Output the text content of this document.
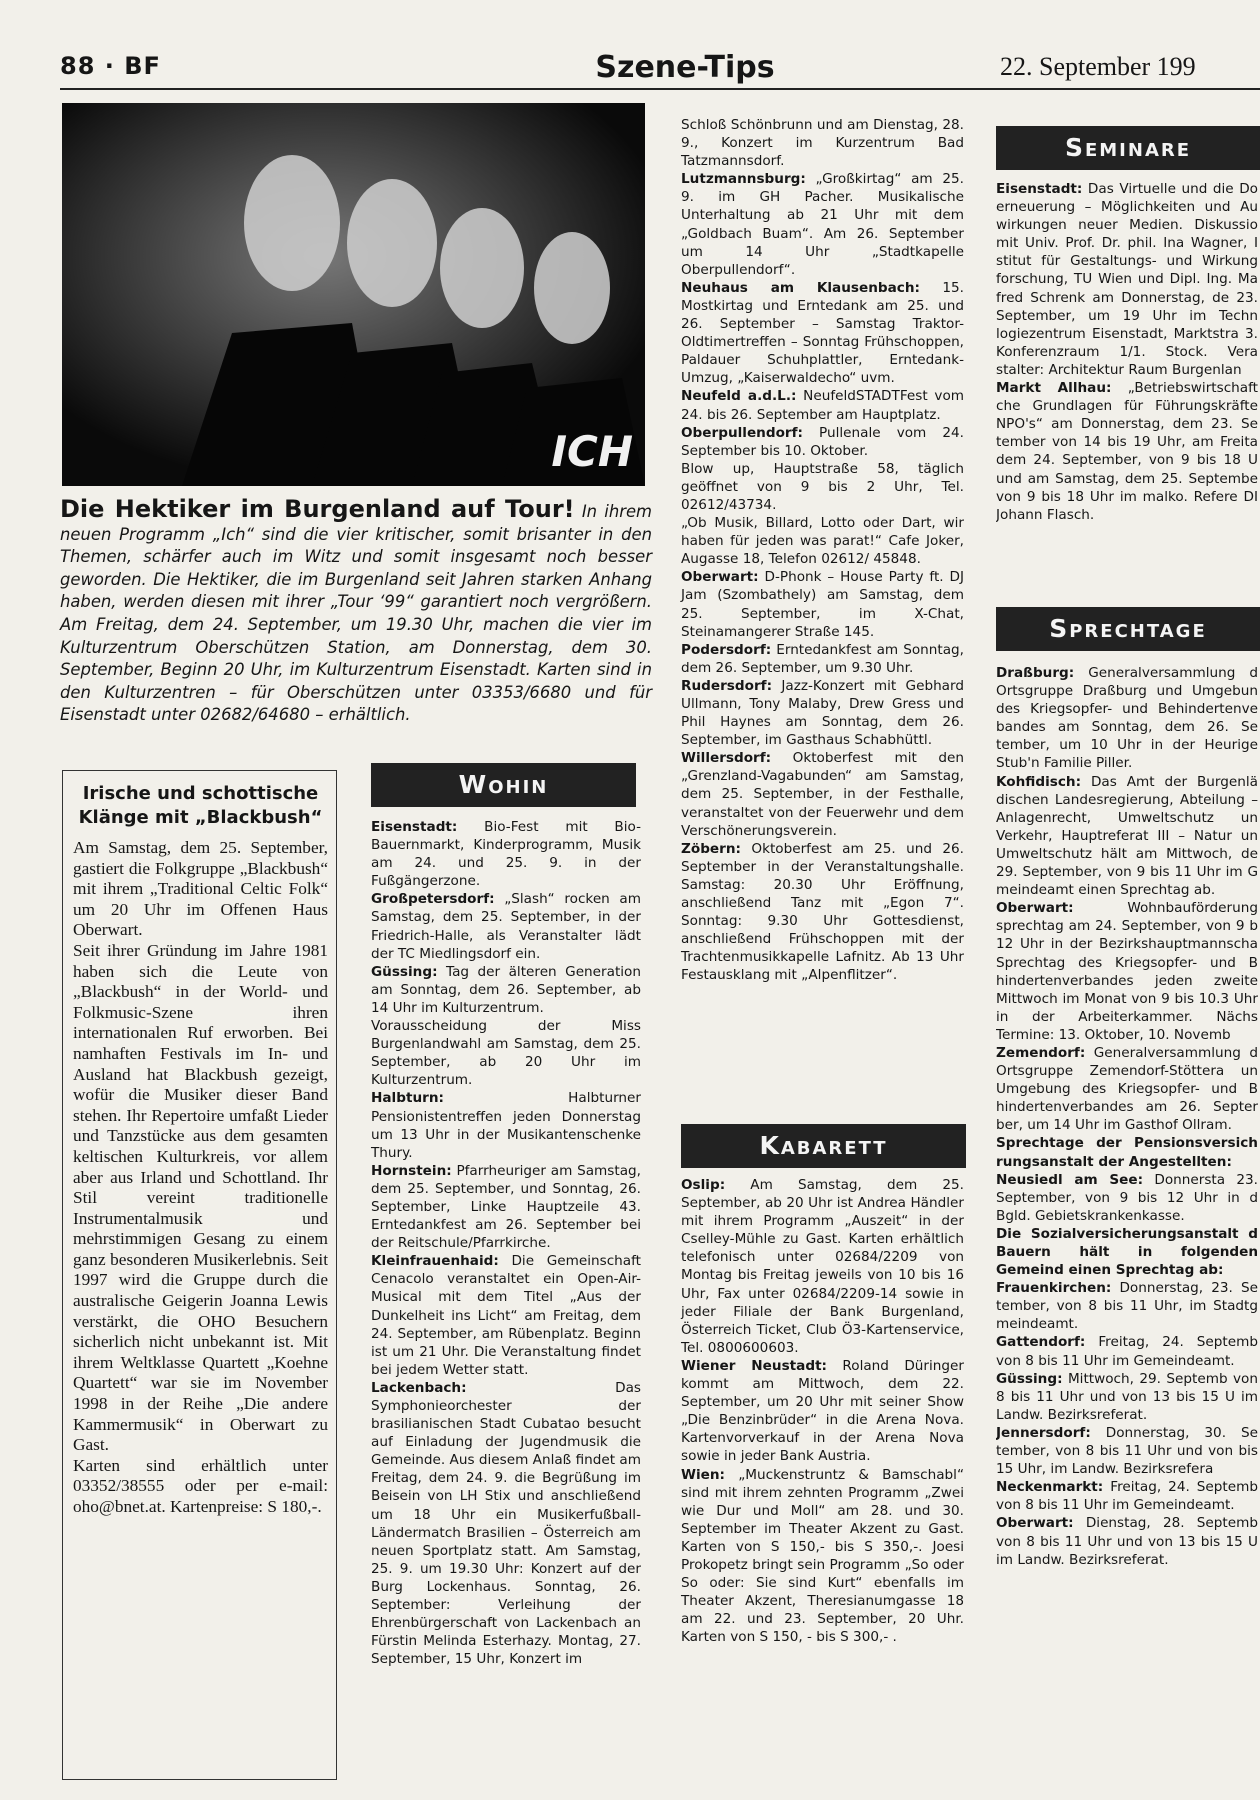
88 · BF	Szene-Tips	22. September 199
ICH
Die Hektiker im Burgenland auf Tour! In ihrem neuen Programm „Ich“ sind die vier kritischer, somit brisanter in den Themen, schärfer auch im Witz und somit insgesamt noch besser geworden. Die Hektiker, die im Burgenland seit Jahren starken Anhang haben, werden diesen mit ihrer „Tour ‘99“ garantiert noch vergrößern. Am Freitag, dem 24. September, um 19.30 Uhr, machen die vier im Kulturzentrum Oberschützen Station, am Donnerstag, dem 30. September, Beginn 20 Uhr, im Kulturzentrum Eisenstadt. Karten sind in den Kulturzentren – für Oberschützen unter 03353/6680 und für Eisenstadt unter 02682/64680 – erhältlich.
Irische und schottische Klänge mit „Blackbush“

Am Samstag, dem 25. September, gastiert die Folkgruppe „Blackbush“ mit ihrem „Traditional Celtic Folk“ um 20 Uhr im Offenen Haus Oberwart.

Seit ihrer Gründung im Jahre 1981 haben sich die Leute von „Blackbush“ in der World- und Folkmusic-Szene ihren internationalen Ruf erworben. Bei namhaften Festivals im In- und Ausland hat Blackbush gezeigt, wofür die Musiker dieser Band stehen. Ihr Repertoire umfaßt Lieder und Tanzstücke aus dem gesamten keltischen Kulturkreis, vor allem aber aus Irland und Schottland. Ihr Stil vereint traditionelle Instrumentalmusik und mehrstimmigen Gesang zu einem ganz besonderen Musikerlebnis. Seit 1997 wird die Gruppe durch die australische Geigerin Joanna Lewis verstärkt, die OHO Besuchern sicherlich nicht unbekannt ist. Mit ihrem Weltklasse Quartett „Koehne Quartett“ war sie im November 1998 in der Reihe „Die andere Kammermusik“ in Oberwart zu Gast.

Karten sind erhältlich unter 03352/38555 oder per e-mail: oho@bnet.at. Kartenpreise: S 180,-.

Wohin

Eisenstadt: Bio-Fest mit Bio-Bauernmarkt, Kinderprogramm, Musik am 24. und 25. 9. in der Fußgängerzone.

Großpetersdorf: „Slash“ rocken am Samstag, dem 25. September, in der Friedrich-Halle, als Veranstalter lädt der TC Miedlingsdorf ein.

Güssing: Tag der älteren Generation am Sonntag, dem 26. September, ab 14 Uhr im Kulturzentrum.

Vorausscheidung der Miss Burgenlandwahl am Samstag, dem 25. September, ab 20 Uhr im Kulturzentrum.

Halbturn:	Halbturner Pensionistentreffen jeden Donnerstag um 13 Uhr in der Musikantenschenke Thury.

Hornstein: Pfarrheuriger am Samstag, dem 25. September, und Sonntag, 26. September, Linke Hauptzeile 43. Erntedankfest am 26. September bei der Reitschule/Pfarrkirche.

Kleinfrauenhaid: Die Gemeinschaft Cenacolo veranstaltet ein Open-Air-Musical mit dem Titel „Aus der Dunkelheit ins Licht“ am Freitag, dem 24. September, am Rübenplatz. Beginn ist um 21 Uhr. Die Veranstaltung findet bei jedem Wetter statt.

Lackenbach:	Das Symphonieorchester der brasilianischen Stadt Cubatao besucht auf Einladung der Jugendmusik die Gemeinde. Aus diesem Anlaß findet am Freitag, dem 24. 9. die Begrüßung im Beisein von LH Stix und anschließend um 18 Uhr ein Musikerfußball-Ländermatch Brasilien – Österreich am neuen Sportplatz statt. Am Samstag, 25. 9. um 19.30 Uhr: Konzert auf der Burg Lockenhaus. Sonntag, 26. September: Verleihung der Ehrenbürgerschaft von Lackenbach an Fürstin Melinda Esterhazy. Montag, 27. September, 15 Uhr, Konzert im

Schloß Schönbrunn und am Dienstag, 28. 9., Konzert im Kurzentrum Bad Tatzmannsdorf.

Lutzmannsburg: „Großkirtag“ am 25. 9. im GH Pacher. Musikalische Unterhaltung ab 21 Uhr mit dem „Goldbach Buam“. Am 26. September um 14 Uhr „Stadtkapelle Oberpullendorf“.

Neuhaus am Klausenbach: 15. Mostkirtag und Erntedank am 25. und 26. September – Samstag Traktor-Oldtimertreffen – Sonntag Frühschoppen, Paldauer Schuhplattler, Erntedank-Umzug, „Kaiserwaldecho“ uvm.

Neufeld a.d.L.: NeufeldSTADTFest vom 24. bis 26. September am Hauptplatz.

Oberpullendorf: Pullenale vom 24. September bis 10. Oktober.

Blow up, Hauptstraße 58, täglich geöffnet von 9 bis 2 Uhr, Tel. 02612/43734.

„Ob Musik, Billard, Lotto oder Dart, wir haben für jeden was parat!“ Cafe Joker, Augasse 18, Telefon 02612/ 45848.

Oberwart: D-Phonk – House Party ft. DJ Jam (Szombathely) am Samstag, dem 25. September, im X-Chat, Steinamangerer Straße 145.

Podersdorf: Erntedankfest am Sonntag, dem 26. September, um 9.30 Uhr.

Rudersdorf: Jazz-Konzert mit Gebhard Ullmann, Tony Malaby, Drew Gress und Phil Haynes am Sonntag, dem 26. September, im Gasthaus Schabhüttl.

Willersdorf: Oktoberfest mit den „Grenzland-Vagabunden“ am Samstag, dem 25. September, in der Festhalle, veranstaltet von der Feuerwehr und dem Verschönerungsverein.

Zöbern: Oktoberfest am 25. und 26. September in der Veranstaltungshalle. Samstag: 20.30 Uhr Eröffnung, anschließend Tanz mit „Egon 7“. Sonntag: 9.30 Uhr Gottesdienst, anschließend Frühschoppen mit der Trachtenmusikkapelle Lafnitz. Ab 13 Uhr Festausklang mit „Alpenflitzer“.

Kabarett

Oslip: Am Samstag, dem 25. September, ab 20 Uhr ist Andrea Händler mit ihrem Programm „Auszeit“ in der Cselley-Mühle zu Gast. Karten erhältlich telefonisch unter 02684/2209 von Montag bis Freitag jeweils von 10 bis 16 Uhr, Fax unter 02684/2209-14 sowie in jeder Filiale der Bank Burgenland, Österreich Ticket, Club Ö3-Kartenservice, Tel. 0800600603.

Wiener Neustadt: Roland Düringer kommt am Mittwoch, dem 22. September, um 20 Uhr mit seiner Show „Die Benzinbrüder“ in die Arena Nova. Kartenvorverkauf in der Arena Nova sowie in jeder Bank Austria.

Wien: „Muckenstruntz & Bamschabl“ sind mit ihrem zehnten Programm „Zwei wie Dur und Moll“ am 28. und 30. September im Theater Akzent zu Gast. Karten von S 150,- bis S 350,-. Joesi Prokopetz bringt sein Programm „So oder So oder: Sie sind Kurt“ ebenfalls im Theater Akzent, Theresianumgasse 18 am 22. und 23. September, 20 Uhr. Karten von S 150, - bis S 300,- .

Seminare

Eisenstadt: Das Virtuelle und die Do erneuerung – Möglichkeiten und Au wirkungen neuer Medien. Diskussio mit Univ. Prof. Dr. phil. Ina Wagner, I stitut für Gestaltungs- und Wirkung forschung, TU Wien und Dipl. Ing. Ma fred Schrenk am Donnerstag, de 23. September, um 19 Uhr im Techn logiezentrum Eisenstadt, Marktstra 3. Konferenzraum 1/1. Stock. Vera stalter: Architektur Raum Burgenlan

Markt Allhau: „Betriebswirtschaft che Grundlagen für Führungskräfte NPO's“ am Donnerstag, dem 23. Se tember von 14 bis 19 Uhr, am Freita dem 24. September, von 9 bis 18 U und am Samstag, dem 25. Septembe von 9 bis 18 Uhr im malko. Refere DI Johann Flasch.

Sprechtage

Draßburg: Generalversammlung d Ortsgruppe Draßburg und Umgebun des Kriegsopfer- und Behindertenve bandes am Sonntag, dem 26. Se tember, um 10 Uhr in der Heurige Stub'n Familie Piller.

Kohfidisch: Das Amt der Burgenlä dischen Landesregierung, Abteilung – Anlagenrecht, Umweltschutz un Verkehr, Hauptreferat III – Natur un Umweltschutz hält am Mittwoch, de 29. September, von 9 bis 11 Uhr im G meindeamt einen Sprechtag ab.

Oberwart:	Wohnbauförderung sprechtag am 24. September, von 9 b 12 Uhr in der Bezirkshauptmannscha Sprechtag des Kriegsopfer- und B hindertenverbandes jeden zweite Mittwoch im Monat von 9 bis 10.3 Uhr in der Arbeiterkammer. Nächs Termine: 13. Oktober, 10. Novemb

Zemendorf: Generalversammlung d Ortsgruppe Zemendorf-Stöttera un Umgebung des Kriegsopfer- und B hindertenverbandes am 26. Septer ber, um 14 Uhr im Gasthof Ollram.

Sprechtage der Pensionsversich rungsanstalt der Angestellten:

Neusiedl am See: Donnersta 23. September, von 9 bis 12 Uhr in d Bgld. Gebietskrankenkasse.

Die Sozialversicherungsanstalt d Bauern hält in folgenden Gemeind einen Sprechtag ab:

Frauenkirchen: Donnerstag, 23. Se tember, von 8 bis 11 Uhr, im Stadtg meindeamt.

Gattendorf: Freitag, 24. Septemb von 8 bis 11 Uhr im Gemeindeamt.

Güssing: Mittwoch, 29. Septemb von 8 bis 11 Uhr und von 13 bis 15 U im Landw. Bezirksreferat.

Jennersdorf: Donnerstag, 30. Se tember, von 8 bis 11 Uhr und von bis 15 Uhr, im Landw. Bezirksrefera

Neckenmarkt: Freitag, 24. Septemb von 8 bis 11 Uhr im Gemeindeamt.

Oberwart: Dienstag, 28. Septemb von 8 bis 11 Uhr und von 13 bis 15 U im Landw. Bezirksreferat.
